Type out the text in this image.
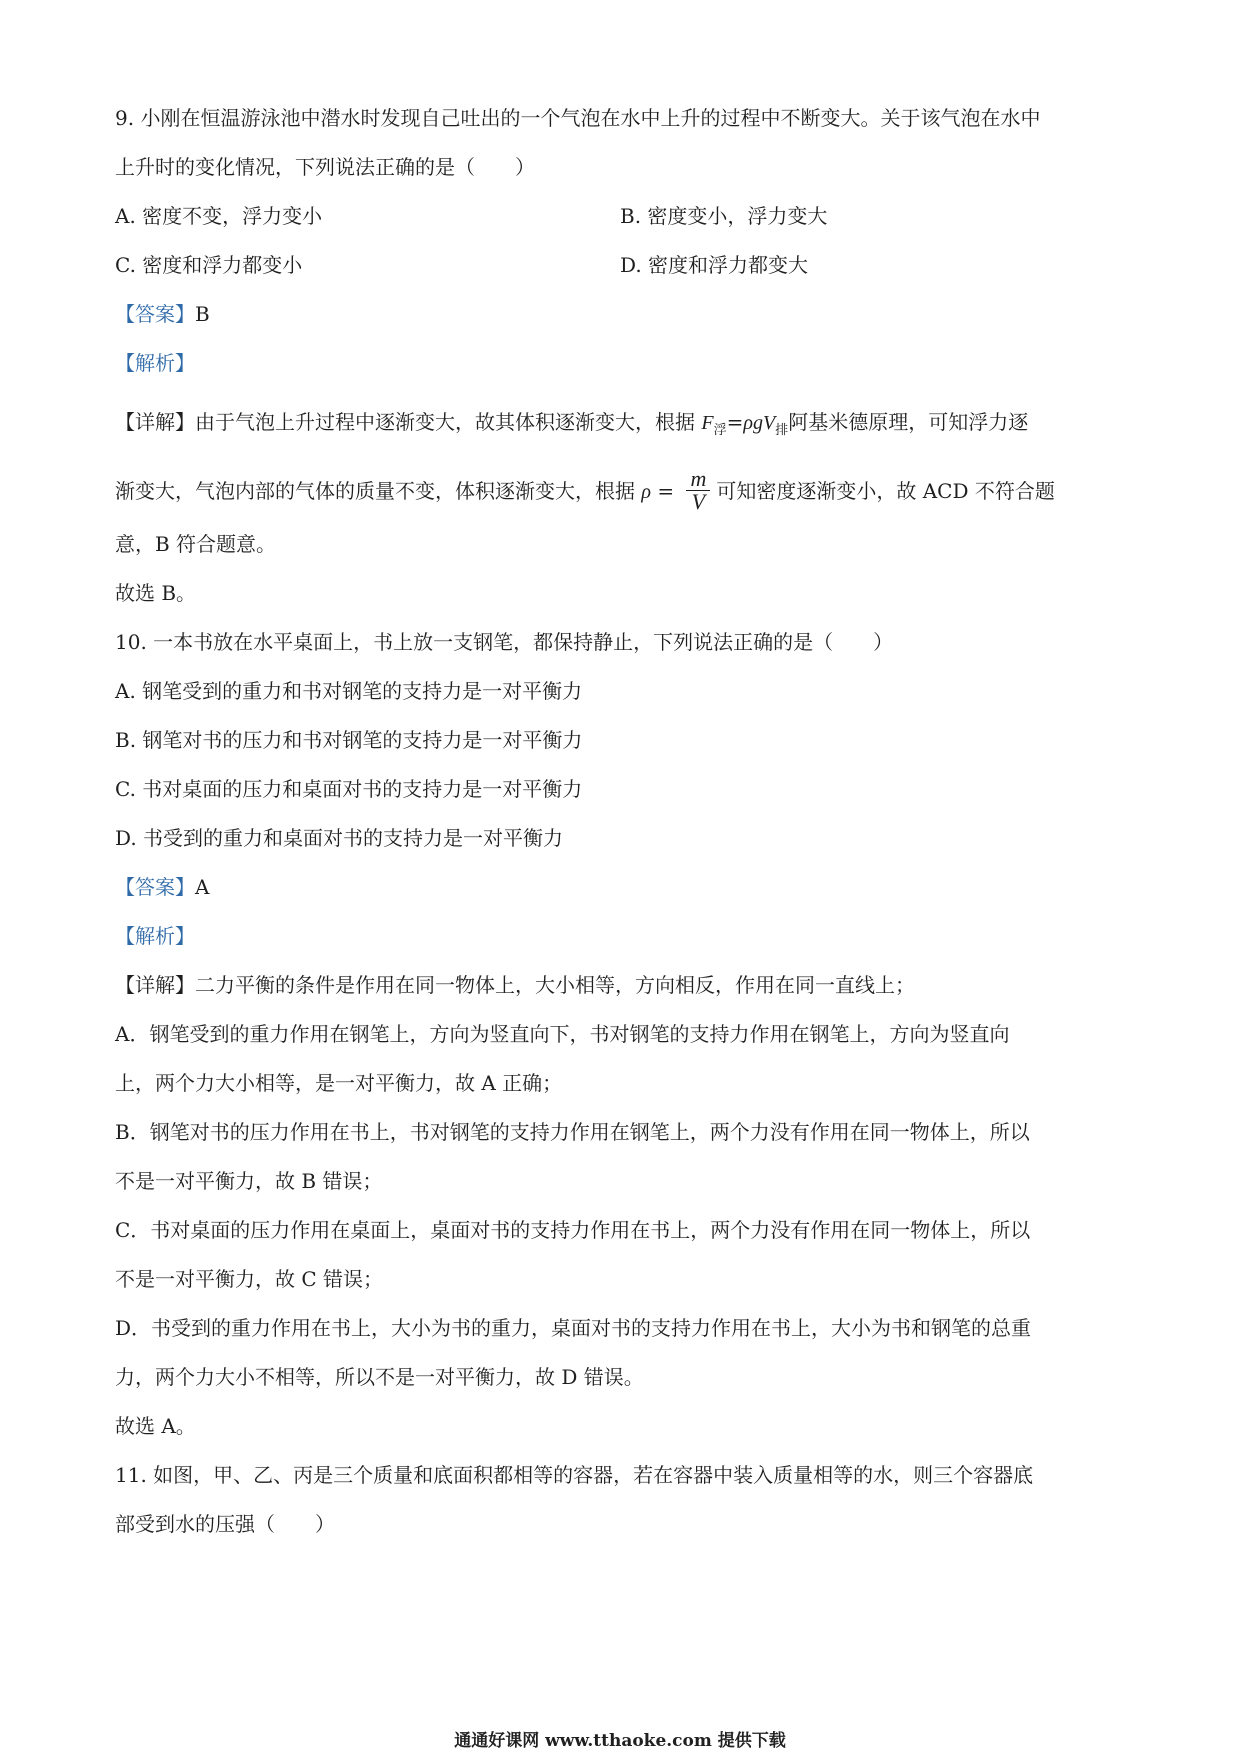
9. 小刚在恒温游泳池中潜水时发现自己吐出的一个气泡在水中上升的过程中不断变大。关于该气泡在水中
上升时的变化情况，下列说法正确的是（　　）
A. 密度不变，浮力变小	B. 密度变小，浮力变大
C. 密度和浮力都变小	D. 密度和浮力都变大
【答案】B
【解析】
【详解】由于气泡上升过程中逐渐变大，故其体积逐渐变大，根据 $F_浮=\rho gV_排$阿基米德原理，可知浮力逐
渐变大，气泡内部的气体的质量不变，体积逐渐变大，根据 $\rho = \frac{m}{V}$ 可知密度逐渐变小，故 ACD 不符合题
意，B 符合题意。
故选 B。
10. 一本书放在水平桌面上，书上放一支钢笔，都保持静止，下列说法正确的是（　　）
A. 钢笔受到的重力和书对钢笔的支持力是一对平衡力
B. 钢笔对书的压力和书对钢笔的支持力是一对平衡力
C. 书对桌面的压力和桌面对书的支持力是一对平衡力
D. 书受到的重力和桌面对书的支持力是一对平衡力
【答案】A
【解析】
【详解】二力平衡的条件是作用在同一物体上，大小相等，方向相反，作用在同一直线上；
A．钢笔受到的重力作用在钢笔上，方向为竖直向下，书对钢笔的支持力作用在钢笔上，方向为竖直向
上，两个力大小相等，是一对平衡力，故 A 正确；
B．钢笔对书的压力作用在书上，书对钢笔的支持力作用在钢笔上，两个力没有作用在同一物体上，所以
不是一对平衡力，故 B 错误；
C．书对桌面的压力作用在桌面上，桌面对书的支持力作用在书上，两个力没有作用在同一物体上，所以
不是一对平衡力，故 C 错误；
D．书受到的重力作用在书上，大小为书的重力，桌面对书的支持力作用在书上，大小为书和钢笔的总重
力，两个力大小不相等，所以不是一对平衡力，故 D 错误。
故选 A。
11. 如图，甲、乙、丙是三个质量和底面积都相等的容器，若在容器中装入质量相等的水，则三个容器底
部受到水的压强（　　）
通通好课网 www.tthaoke.com 提供下载
